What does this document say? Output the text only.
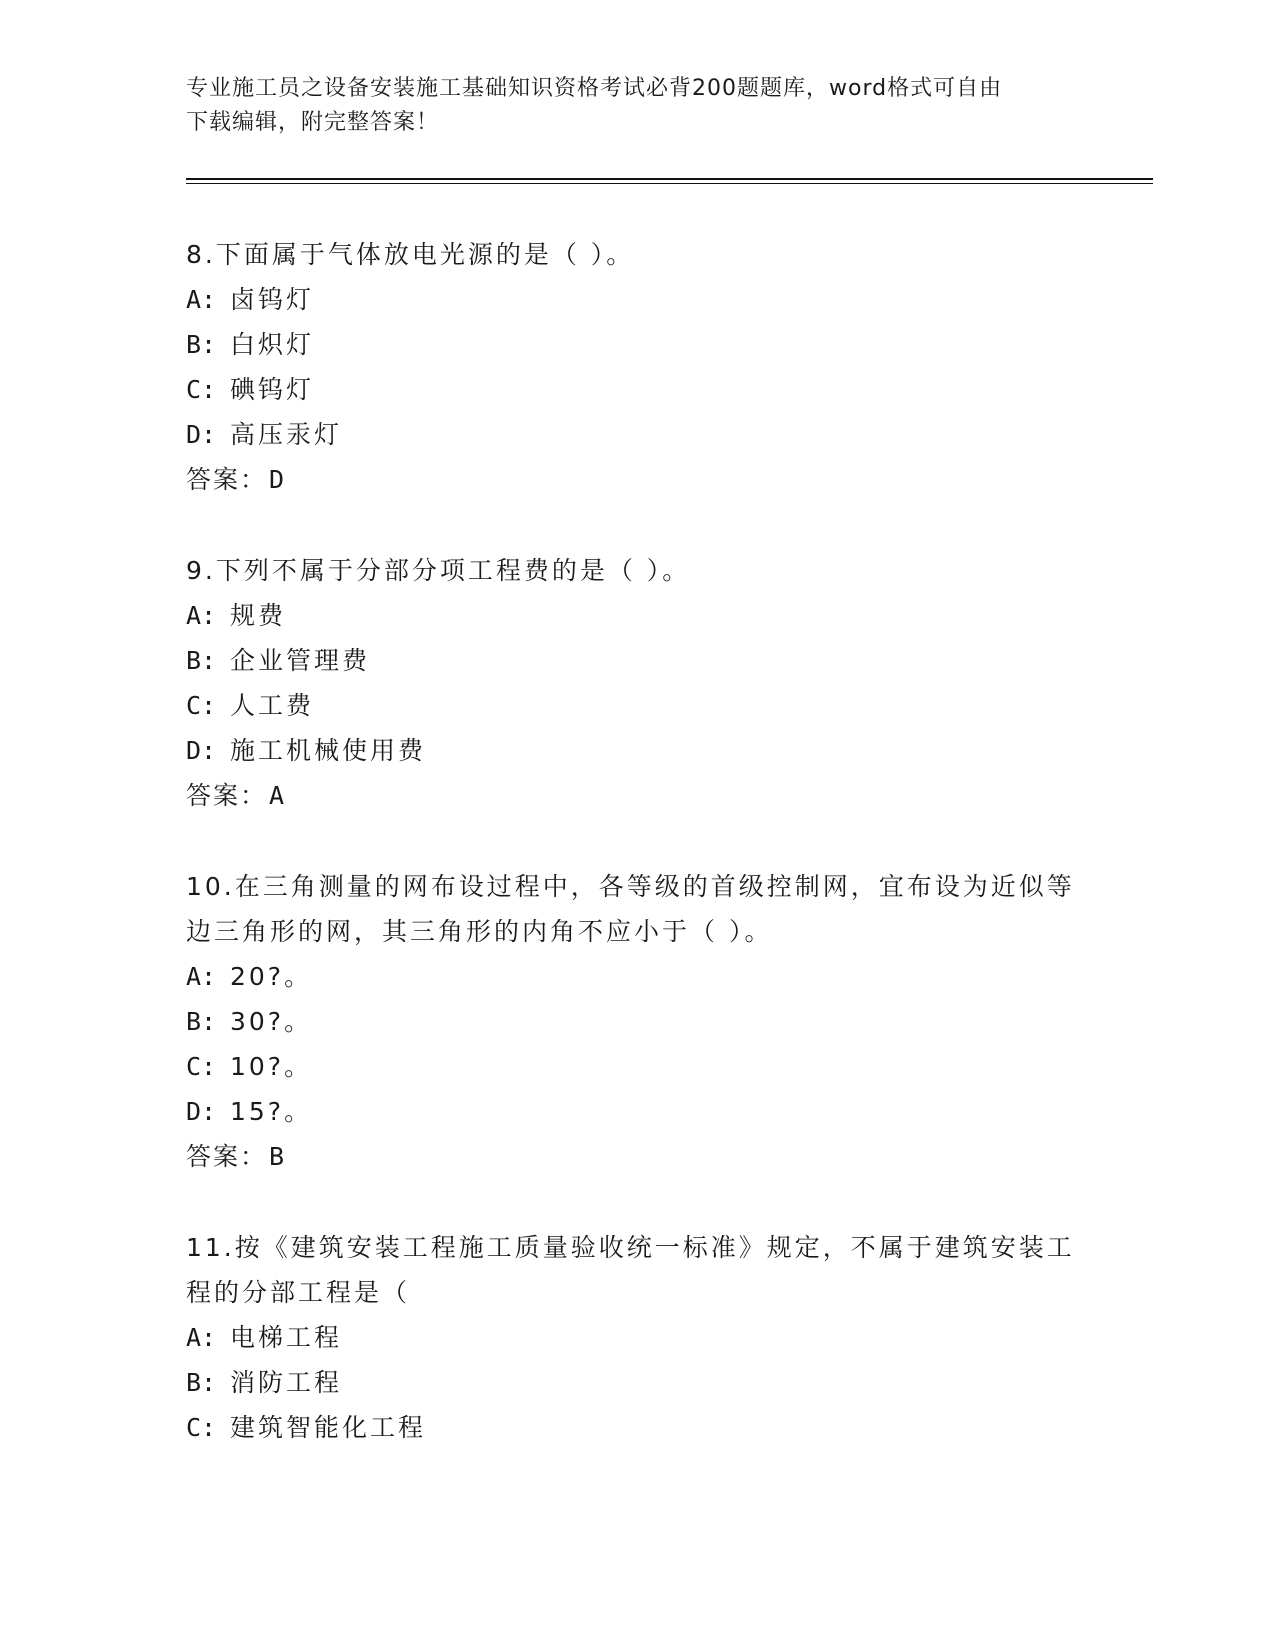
专业施工员之设备安装施工基础知识资格考试必背200题题库，word格式可自由
下载编辑，附完整答案！
8.下面属于气体放电光源的是（ ）。
A: 卤钨灯
B: 白炽灯
C: 碘钨灯
D: 高压汞灯
答案： D
9.下列不属于分部分项工程费的是（ ）。
A: 规费
B: 企业管理费
C: 人工费
D: 施工机械使用费
答案： A
10.在三角测量的网布设过程中，各等级的首级控制网，宜布设为近似等边三角形的网，其三角形的内角不应小于（ ）。
A: 20?。
B: 30?。
C: 10?。
D: 15?。
答案： B
11.按《建筑安装工程施工质量验收统一标准》规定，不属于建筑安装工程的分部工程是（
A: 电梯工程
B: 消防工程
C: 建筑智能化工程
